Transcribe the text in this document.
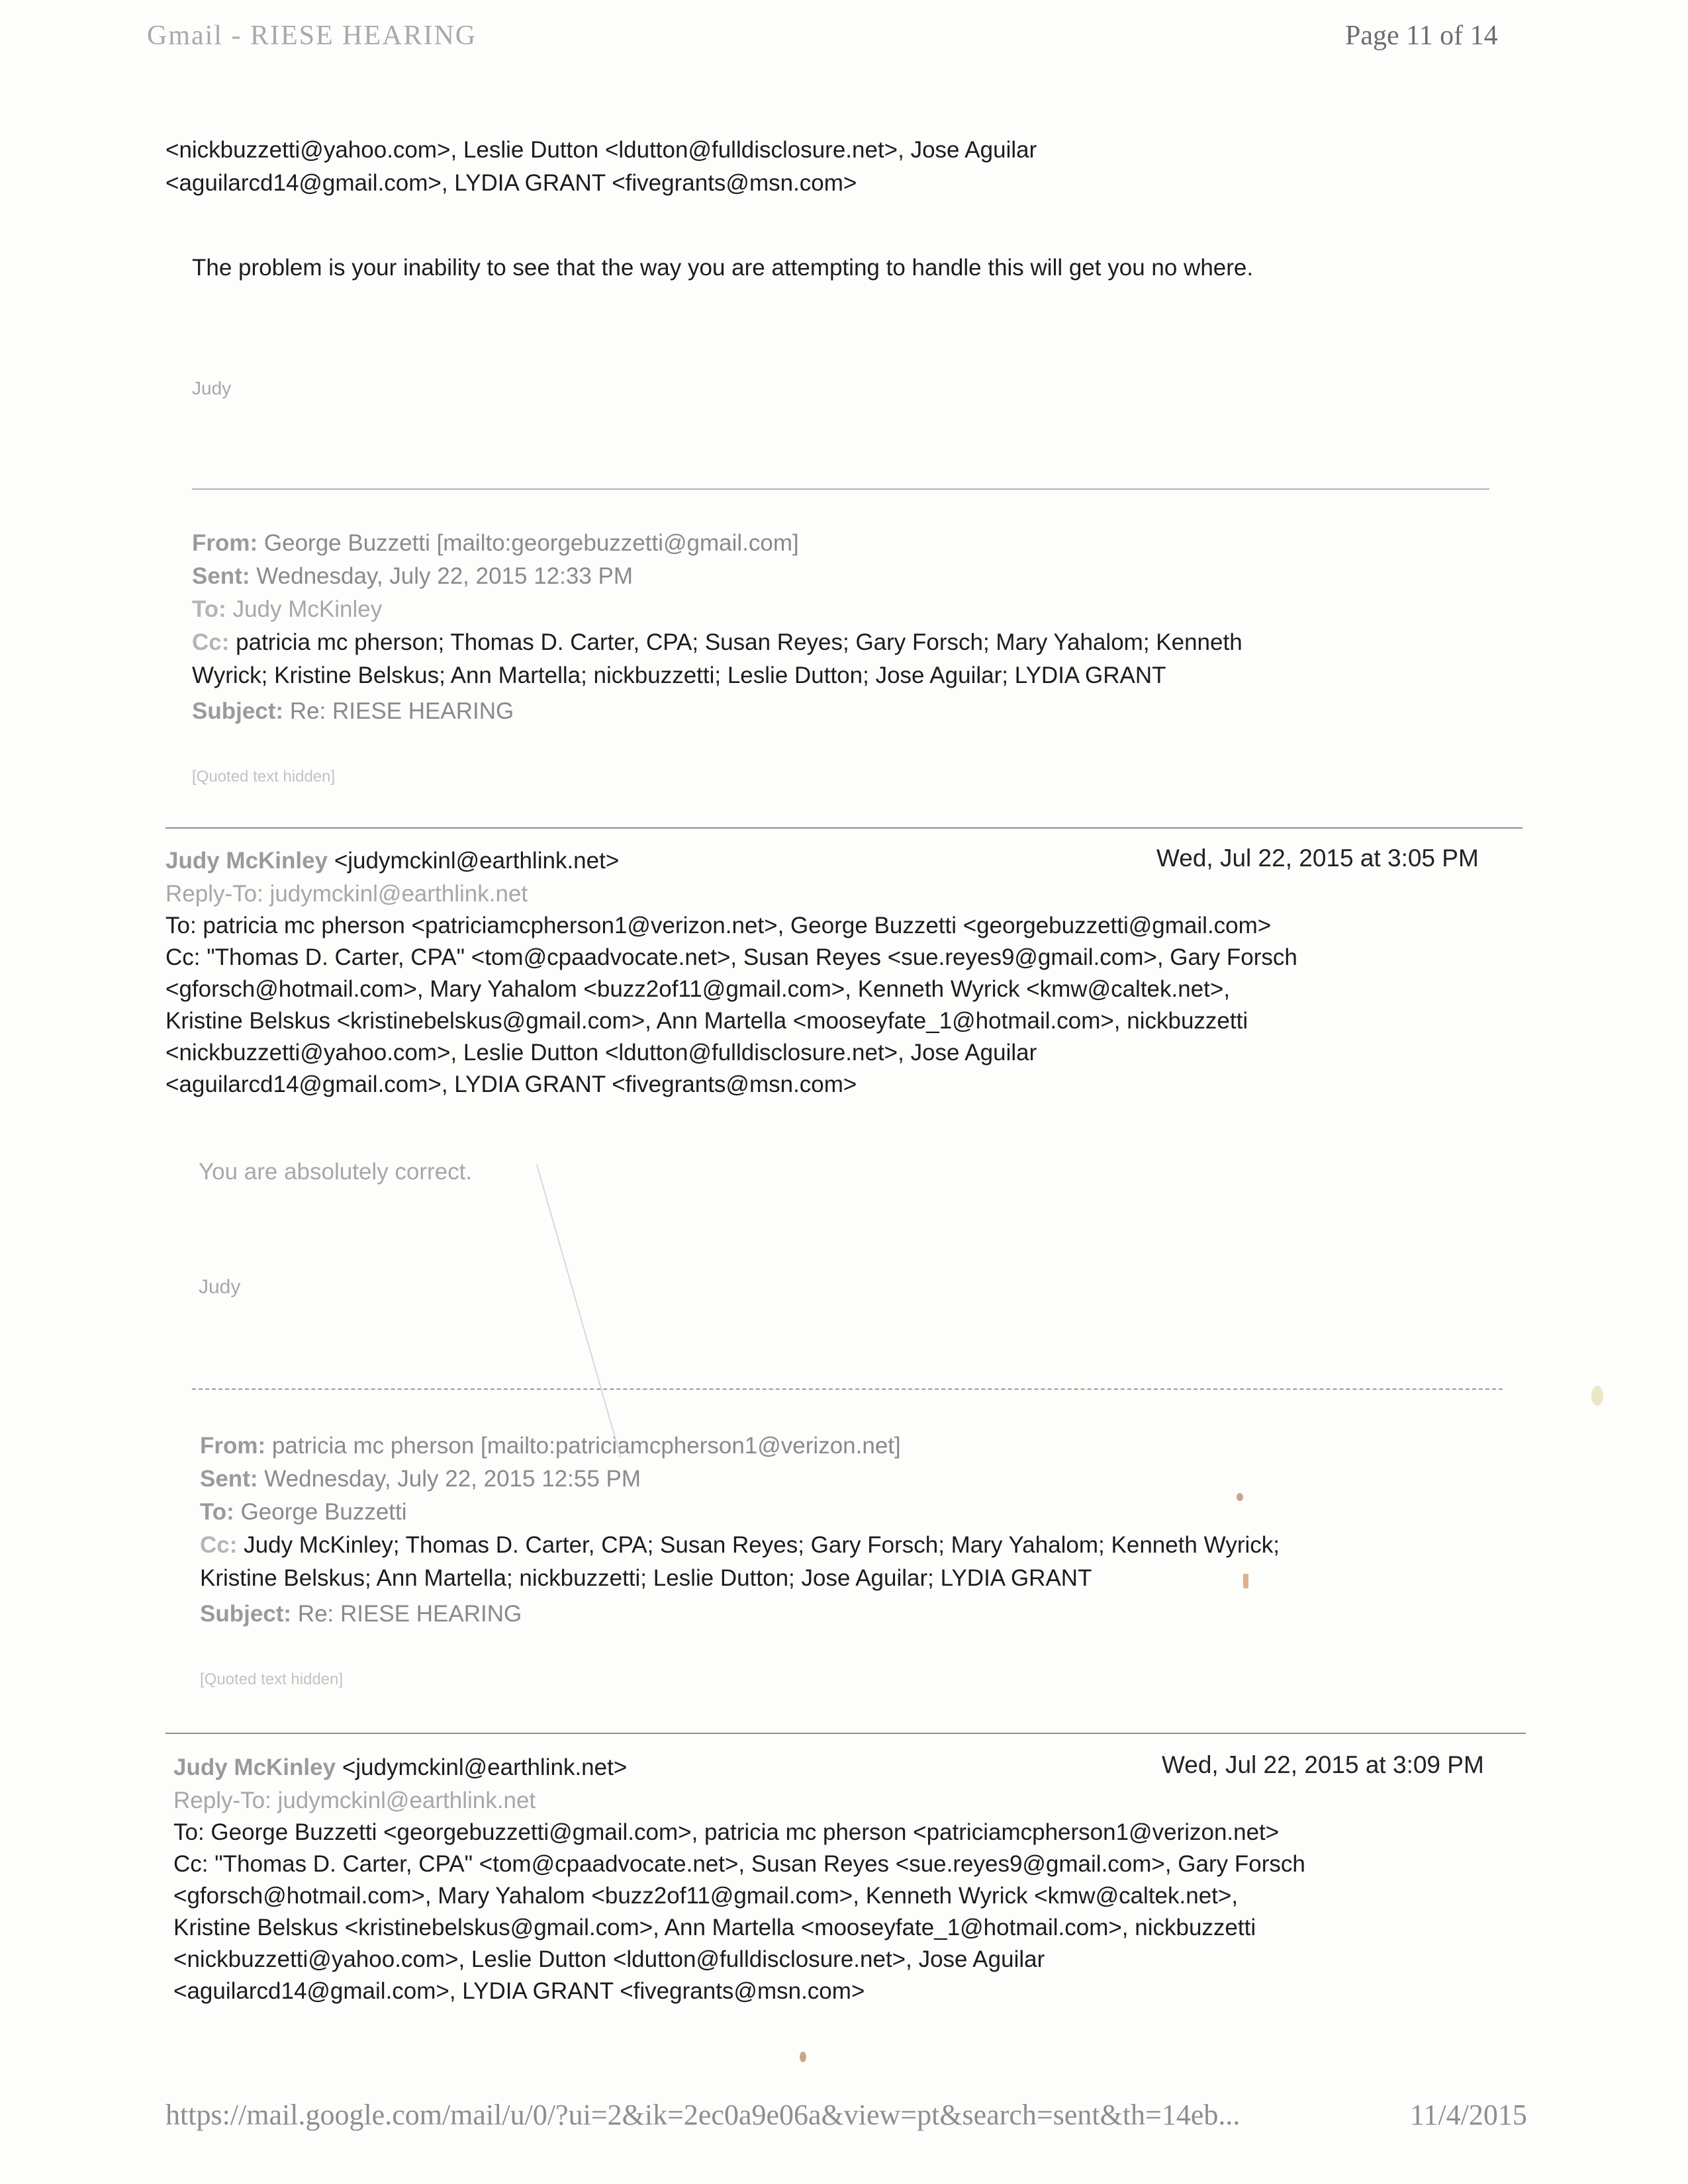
Gmail - RIESE HEARING	Page 11 of 14
<nickbuzzetti@yahoo.com>, Leslie Dutton <ldutton@fulldisclosure.net>, Jose Aguilar
<aguilarcd14@gmail.com>, LYDIA GRANT <fivegrants@msn.com>
The problem is your inability to see that the way you are attempting to handle this will get you no where.
Judy
From: George Buzzetti [mailto:georgebuzzetti@gmail.com]
Sent: Wednesday, July 22, 2015 12:33 PM
To: Judy McKinley
Cc: patricia mc pherson; Thomas D. Carter, CPA; Susan Reyes; Gary Forsch; Mary Yahalom; Kenneth
Wyrick; Kristine Belskus; Ann Martella; nickbuzzetti; Leslie Dutton; Jose Aguilar; LYDIA GRANT
Subject: Re: RIESE HEARING
[Quoted text hidden]
Judy McKinley <judymckinl@earthlink.net>	Wed, Jul 22, 2015 at 3:05 PM
Reply-To: judymckinl@earthlink.net
To: patricia mc pherson <patriciamcpherson1@verizon.net>, George Buzzetti <georgebuzzetti@gmail.com>
Cc: "Thomas D. Carter, CPA" <tom@cpaadvocate.net>, Susan Reyes <sue.reyes9@gmail.com>, Gary Forsch
<gforsch@hotmail.com>, Mary Yahalom <buzz2of11@gmail.com>, Kenneth Wyrick <kmw@caltek.net>,
Kristine Belskus <kristinebelskus@gmail.com>, Ann Martella <mooseyfate_1@hotmail.com>, nickbuzzetti
<nickbuzzetti@yahoo.com>, Leslie Dutton <ldutton@fulldisclosure.net>, Jose Aguilar
<aguilarcd14@gmail.com>, LYDIA GRANT <fivegrants@msn.com>
You are absolutely correct.
Judy
From: patricia mc pherson [mailto:patriciamcpherson1@verizon.net]
Sent: Wednesday, July 22, 2015 12:55 PM
To: George Buzzetti
Cc: Judy McKinley; Thomas D. Carter, CPA; Susan Reyes; Gary Forsch; Mary Yahalom; Kenneth Wyrick;
Kristine Belskus; Ann Martella; nickbuzzetti; Leslie Dutton; Jose Aguilar; LYDIA GRANT
Subject: Re: RIESE HEARING
[Quoted text hidden]
Judy McKinley <judymckinl@earthlink.net>	Wed, Jul 22, 2015 at 3:09 PM
Reply-To: judymckinl@earthlink.net
To: George Buzzetti <georgebuzzetti@gmail.com>, patricia mc pherson <patriciamcpherson1@verizon.net>
Cc: "Thomas D. Carter, CPA" <tom@cpaadvocate.net>, Susan Reyes <sue.reyes9@gmail.com>, Gary Forsch
<gforsch@hotmail.com>, Mary Yahalom <buzz2of11@gmail.com>, Kenneth Wyrick <kmw@caltek.net>,
Kristine Belskus <kristinebelskus@gmail.com>, Ann Martella <mooseyfate_1@hotmail.com>, nickbuzzetti
<nickbuzzetti@yahoo.com>, Leslie Dutton <ldutton@fulldisclosure.net>, Jose Aguilar
<aguilarcd14@gmail.com>, LYDIA GRANT <fivegrants@msn.com>
https://mail.google.com/mail/u/0/?ui=2&ik=2ec0a9e06a&view=pt&search=sent&th=14eb...	11/4/2015
